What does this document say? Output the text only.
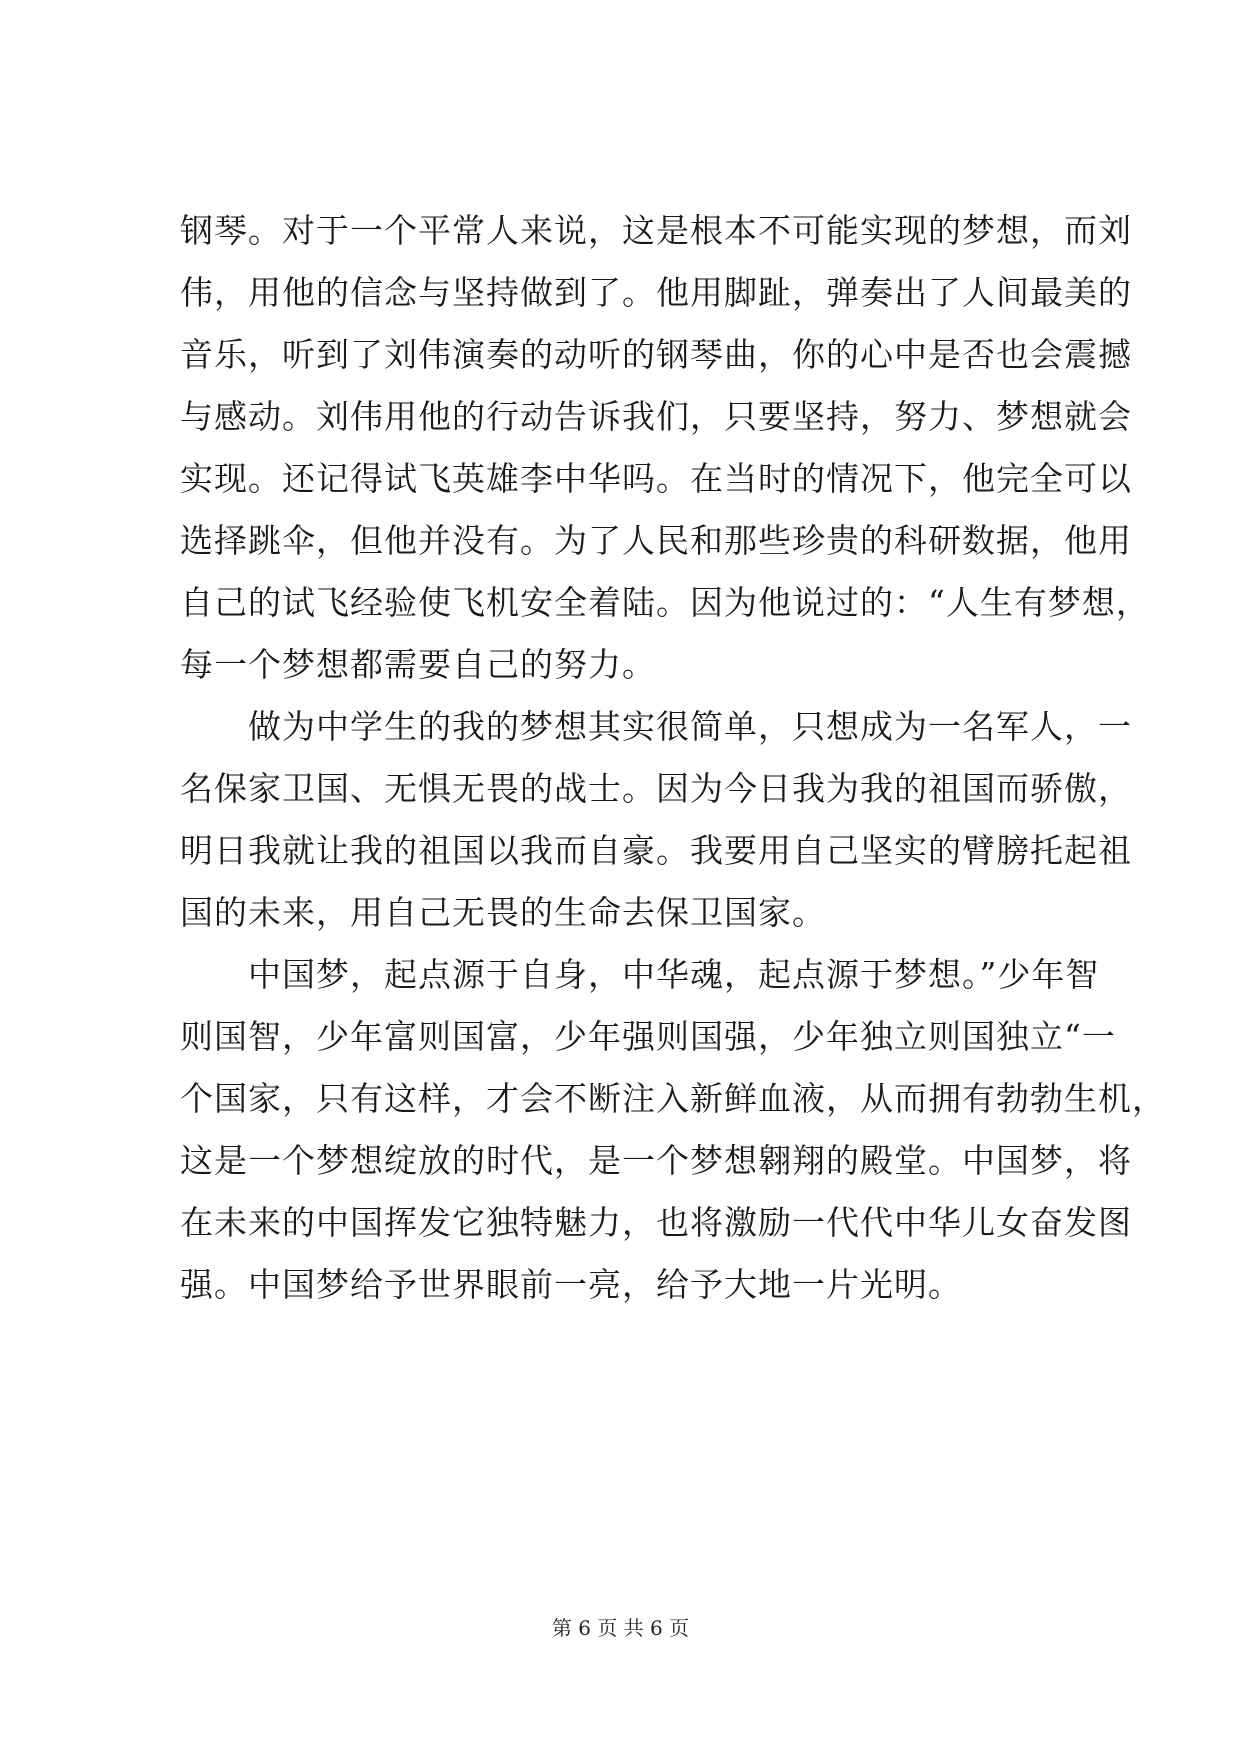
钢琴。对于一个平常人来说，这是根本不可能实现的梦想，而刘
伟，用他的信念与坚持做到了。他用脚趾，弹奏出了人间最美的
音乐，听到了刘伟演奏的动听的钢琴曲，你的心中是否也会震撼
与感动。刘伟用他的行动告诉我们，只要坚持，努力、梦想就会
实现。还记得试飞英雄李中华吗。在当时的情况下，他完全可以
选择跳伞，但他并没有。为了人民和那些珍贵的科研数据，他用
自己的试飞经验使飞机安全着陆。因为他说过的：“人生有梦想，
每一个梦想都需要自己的努力。
做为中学生的我的梦想其实很简单，只想成为一名军人，一
名保家卫国、无惧无畏的战士。因为今日我为我的祖国而骄傲，
明日我就让我的祖国以我而自豪。我要用自己坚实的臂膀托起祖
国的未来，用自己无畏的生命去保卫国家。
中国梦，起点源于自身，中华魂，起点源于梦想。”少年智
则国智，少年富则国富，少年强则国强，少年独立则国独立“一
个国家，只有这样，才会不断注入新鲜血液，从而拥有勃勃生机，
这是一个梦想绽放的时代，是一个梦想翱翔的殿堂。中国梦，将
在未来的中国挥发它独特魅力，也将激励一代代中华儿女奋发图
强。中国梦给予世界眼前一亮，给予大地一片光明。
第 6 页 共 6 页
